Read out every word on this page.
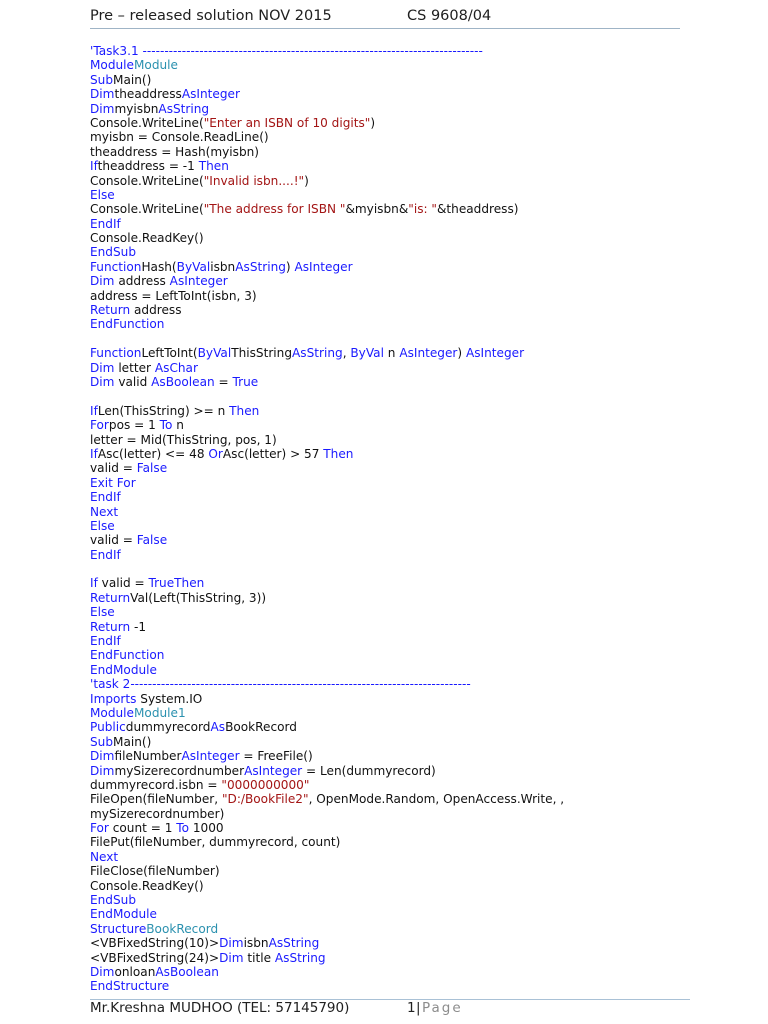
Pre – released solution NOV 2015	CS 9608/04
'Task3.1 ------------------------------------------------------------------------------
ModuleModule
SubMain()
DimtheaddressAsInteger
DimmyisbnAsString
Console.WriteLine("Enter an ISBN of 10 digits")
myisbn = Console.ReadLine()
theaddress = Hash(myisbn)
Iftheaddress = -1 Then
Console.WriteLine("Invalid isbn....!")
Else
Console.WriteLine("The address for ISBN "&myisbn&"is: "&theaddress)
EndIf
Console.ReadKey()
EndSub
FunctionHash(ByValisbnAsString) AsInteger
Dim address AsInteger
address = LeftToInt(isbn, 3)
Return address
EndFunction
FunctionLeftToInt(ByValThisStringAsString, ByVal n AsInteger) AsInteger
Dim letter AsChar
Dim valid AsBoolean = True
IfLen(ThisString) >= n Then
Forpos = 1 To n
letter = Mid(ThisString, pos, 1)
IfAsc(letter) <= 48 OrAsc(letter) > 57 Then
valid = False
Exit For
EndIf
Next
Else
valid = False
EndIf
If valid = TrueThen
ReturnVal(Left(ThisString, 3))
Else
Return -1
EndIf
EndFunction
EndModule
'task 2------------------------------------------------------------------------------
Imports System.IO
ModuleModule1
PublicdummyrecordAsBookRecord
SubMain()
DimfileNumberAsInteger = FreeFile()
DimmySizerecordnumberAsInteger = Len(dummyrecord)
dummyrecord.isbn = "0000000000"
FileOpen(fileNumber, "D:/BookFile2", OpenMode.Random, OpenAccess.Write, ,
mySizerecordnumber)
For count = 1 To 1000
FilePut(fileNumber, dummyrecord, count)
Next
FileClose(fileNumber)
Console.ReadKey()
EndSub
EndModule
StructureBookRecord
<VBFixedString(10)>DimisbnAsString
<VBFixedString(24)>Dim title AsString
DimonloanAsBoolean
EndStructure
Mr.Kreshna MUDHOO (TEL: 57145790)	1 | Page
